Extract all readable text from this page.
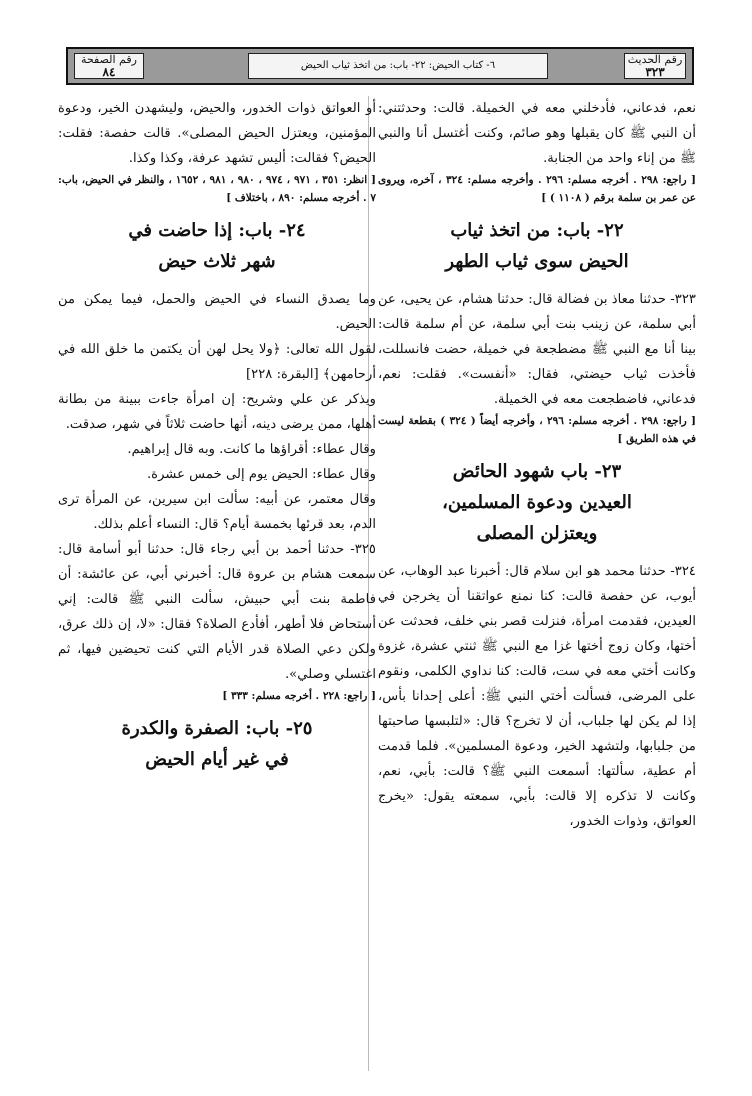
رقم الحديث
٣٢٣
٦- كتاب الحيض: ٢٢- باب: من اتخذ ثياب الحيض
رقم الصفحة
٨٤

نعم، فدعاني، فأدخلني معه في الخميلة. قالت: وحدثتني: أن النبي ﷺ كان يقبلها وهو صائم، وكنت أغتسل أنا والنبي ﷺ من إناء واحد من الجنابة.

[ راجع: ٢٩٨ . أخرجه مسلم: ٢٩٦ . وأخرجه مسلم: ٣٢٤ ، آخره، ويروى عن عمر بن سلمة برقم ( ١١٠٨ ) ]

٢٢- باب: من اتخذ ثياب
الحيض سوى ثياب الطهر

٣٢٣- حدثنا معاذ بن فضالة قال: حدثنا هشام، عن يحيى، عن أبي سلمة، عن زينب بنت أبي سلمة، عن أم سلمة قالت: بينا أنا مع النبي ﷺ مضطجعة في خميلة، حضت فانسللت، فأخذت ثياب حيضتي، فقال: «أنفست». فقلت: نعم، فدعاني، فاضطجعت معه في الخميلة.

[ راجع: ٢٩٨ . أخرجه مسلم: ٢٩٦ ، وأخرجه أيضاً ( ٣٢٤ ) بقطعة ليست في هذه الطريق ]

٢٣- باب شهود الحائض
العيدين ودعوة المسلمين،
ويعتزلن المصلى

٣٢٤- حدثنا محمد هو ابن سلام قال: أخبرنا عبد الوهاب، عن أيوب، عن حفصة قالت: كنا نمنع عواتقنا أن يخرجن في العيدين، فقدمت امرأة، فنزلت قصر بني خلف، فحدثت عن أختها، وكان زوج أختها غزا مع النبي ﷺ ثنتي عشرة، غزوة وكانت أختي معه في ست، قالت: كنا نداوي الكلمى، ونقوم على المرضى، فسألت أختي النبي ﷺ: أعلى إحدانا بأس، إذا لم يكن لها جلباب، أن لا تخرج؟ قال: «لتلبسها صاحبتها من جلبابها، ولتشهد الخير، ودعوة المسلمين». فلما قدمت أم عطية، سألتها: أسمعت النبي ﷺ؟ قالت: بأبي، نعم، وكانت لا تذكره إلا قالت: بأبي، سمعته يقول: «يخرج العواتق، وذوات الخدور،

أو العواتق ذوات الخدور، والحيض، وليشهدن الخير، ودعوة المؤمنين، ويعتزل الحيض المصلى». قالت حفصة: فقلت: الحيض؟ فقالت: أليس تشهد عرفة، وكذا وكذا.

[ انظر: ٣٥١ ، ٩٧١ ، ٩٧٤ ، ٩٨٠ ، ٩٨١ ، ١٦٥٢ ، والنظر في الحيض، باب: ٧ . أخرجه مسلم: ٨٩٠ ، باختلاف ]

٢٤- باب: إذا حاضت في
شهر ثلاث حيض

وما يصدق النساء في الحيض والحمل، فيما يمكن من الحيض.

لقول الله تعالى: ﴿ولا يحل لهن أن يكتمن ما خلق الله في أرحامهن﴾ [البقرة: ٢٢٨]

ويذكر عن علي وشريح: إن امرأة جاءت ببينة من بطانة أهلها، ممن يرضى دينه، أنها حاضت ثلاثاً في شهر، صدقت.

وقال عطاء: أقراؤها ما كانت. وبه قال إبراهيم.

وقال عطاء: الحيض يوم إلى خمس عشرة.

وقال معتمر، عن أبيه: سألت ابن سيرين، عن المرأة ترى الدم، بعد قرئها بخمسة أيام؟ قال: النساء أعلم بذلك.

٣٢٥- حدثنا أحمد بن أبي رجاء قال: حدثنا أبو أسامة قال: سمعت هشام بن عروة قال: أخبرني أبي، عن عائشة: أن فاطمة بنت أبي حبيش، سألت النبي ﷺ قالت: إني أستحاض فلا أطهر، أفأدع الصلاة؟ فقال: «لا، إن ذلك عرق، ولكن دعي الصلاة قدر الأيام التي كنت تحيضين فيها، ثم اغتسلي وصلي».

[ راجع: ٢٢٨ . أخرجه مسلم: ٣٣٣ ]

٢٥- باب: الصفرة والكدرة
في غير أيام الحيض
